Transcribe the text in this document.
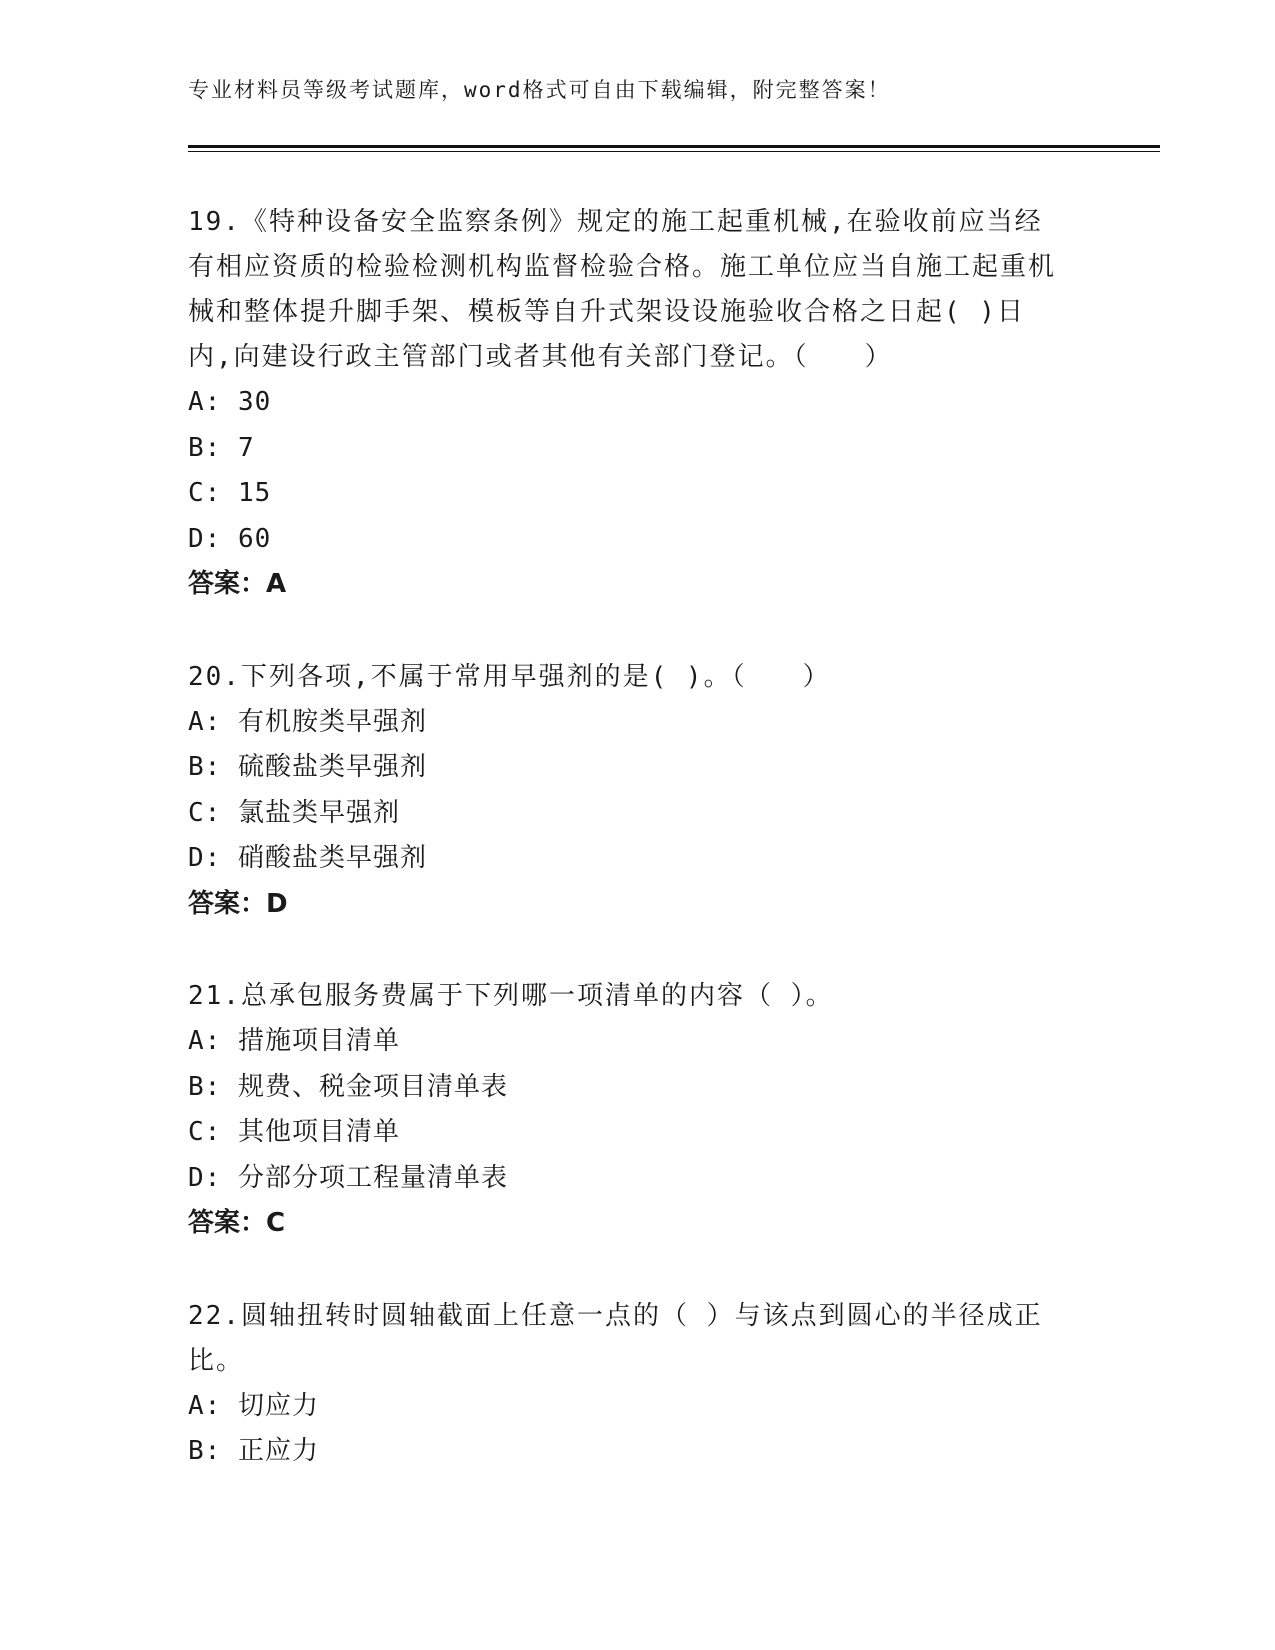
专业材料员等级考试题库，word格式可自由下载编辑，附完整答案！
19.《特种设备安全监察条例》规定的施工起重机械,在验收前应当经有相应资质的检验检测机构监督检验合格。施工单位应当自施工起重机械和整体提升脚手架、模板等自升式架设设施验收合格之日起( )日内,向建设行政主管部门或者其他有关部门登记。（　　）
A: 30
B: 7
C: 15
D: 60
答案：A
20.下列各项,不属于常用早强剂的是( )。（　　）
A: 有机胺类早强剂
B: 硫酸盐类早强剂
C: 氯盐类早强剂
D: 硝酸盐类早强剂
答案：D
21.总承包服务费属于下列哪一项清单的内容（ ）。
A: 措施项目清单
B: 规费、税金项目清单表
C: 其他项目清单
D: 分部分项工程量清单表
答案：C
22.圆轴扭转时圆轴截面上任意一点的（ ）与该点到圆心的半径成正比。
A: 切应力
B: 正应力
